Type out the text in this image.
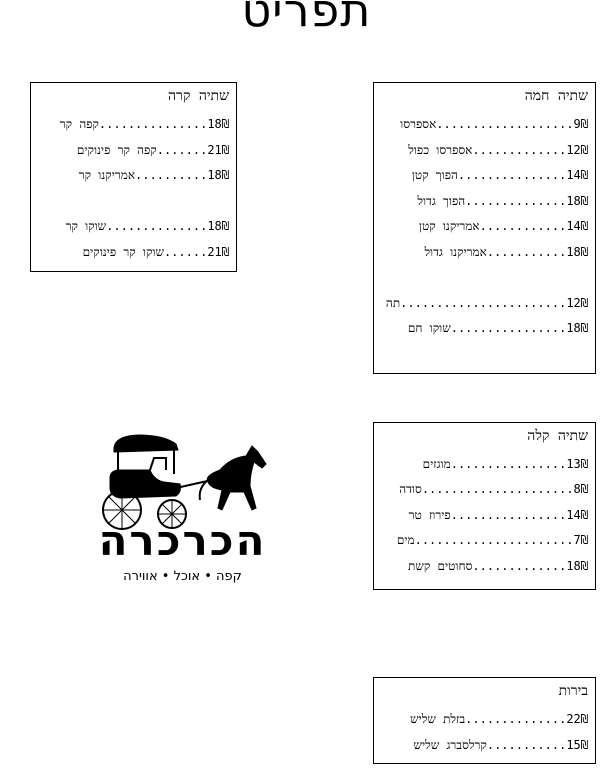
תפריט
שתיה קרה
18₪...............קפה קר
21₪.......קפה קר פינוקים
18₪..........אמריקנו קר
18₪..............שוקו קר
21₪......שוקו קר פינוקים
שתיה חמה
9₪...................אספרסו
12₪.............אספרסו כפול
14₪...............הפוך קטן
18₪..............הפוך גדול
14₪............אמריקנו קטן
18₪...........אמריקנו גדול
12₪.......................תה
18₪................שוקו חם
שתיה קלה
13₪................מוגזים
8₪.....................סודה
14₪................פירוז טר
7₪......................מים
18₪.............סחוטים קשת
בירות
22₪..............בזלת שליש
15₪...........קרלסברג שליש
הכרכרה
קפה • אוכל • אווירה
